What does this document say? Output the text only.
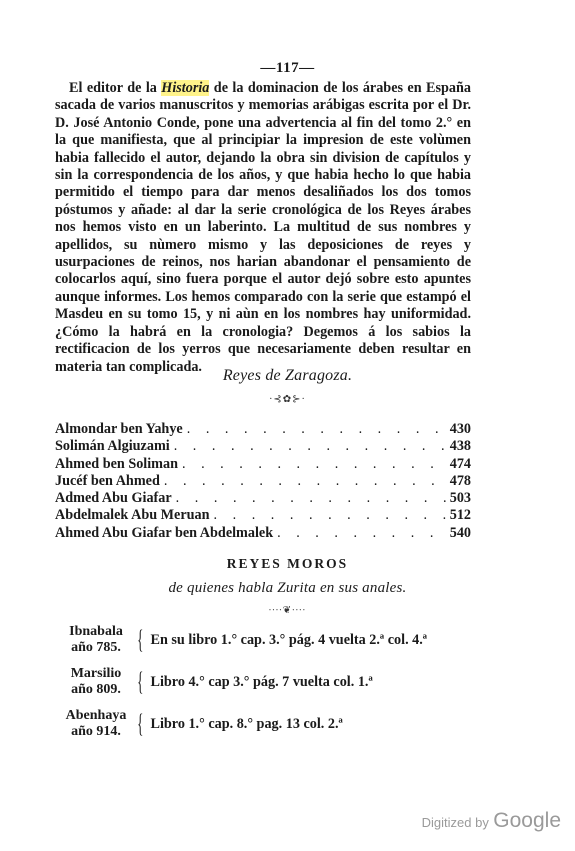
—117—

El editor de la Historia de la dominacion de los árabes en España sacada de varios manuscritos y memorias arábigas escrita por el Dr. D. José Antonio Conde, pone una advertencia al fin del tomo 2.° en la que manifiesta, que al principiar la impresion de este volùmen habia fallecido el autor, dejando la obra sin division de capítulos y sin la correspondencia de los años, y que habia hecho lo que habia permitido el tiempo para dar menos desaliñados los dos tomos póstumos y añade: al dar la serie cronológica de los Reyes árabes nos hemos visto en un laberinto. La multitud de sus nombres y apellidos, su nùmero mismo y las deposiciones de reyes y usurpaciones de reinos, nos harian abandonar el pensamiento de colocarlos aquí, sino fuera porque el autor dejó sobre esto apuntes aunque informes. Los hemos comparado con la serie que estampó el Masdeu en su tomo 15, y ni aùn en los nombres hay uniformidad. ¿Cómo la habrá en la cronologia? Degemos á los sabios la rectificacion de los yerros que necesariamente deben resultar en materia tan complicada.

Reyes de Zaragoza.
·⊰✿⊱·
Almondar ben Yahye . . .	430
Solimán Algiuzami . . .	438
Ahmed ben Soliman . . .	474
Jucéf ben Ahmed . . .	478
Admed Abu Giafar . . .	503
Abdelmalek Abu Meruan . . .	512
Ahmed Abu Giafar ben Abdelmalek . . .	540
REYES MOROS
de quienes habla Zurita en sus anales.
∙∙∙∙❦∙∙∙∙
Ibnabala
año 785. { En su libro 1.° cap. 3.° pág. 4 vuelta 2.ª col. 4.ª
Marsilio
año 809. { Libro 4.° cap 3.° pág. 7 vuelta col. 1.ª
Abenhaya
año 914. { Libro 1.° cap. 8.° pag. 13 col. 2.ª
Digitized by Google
